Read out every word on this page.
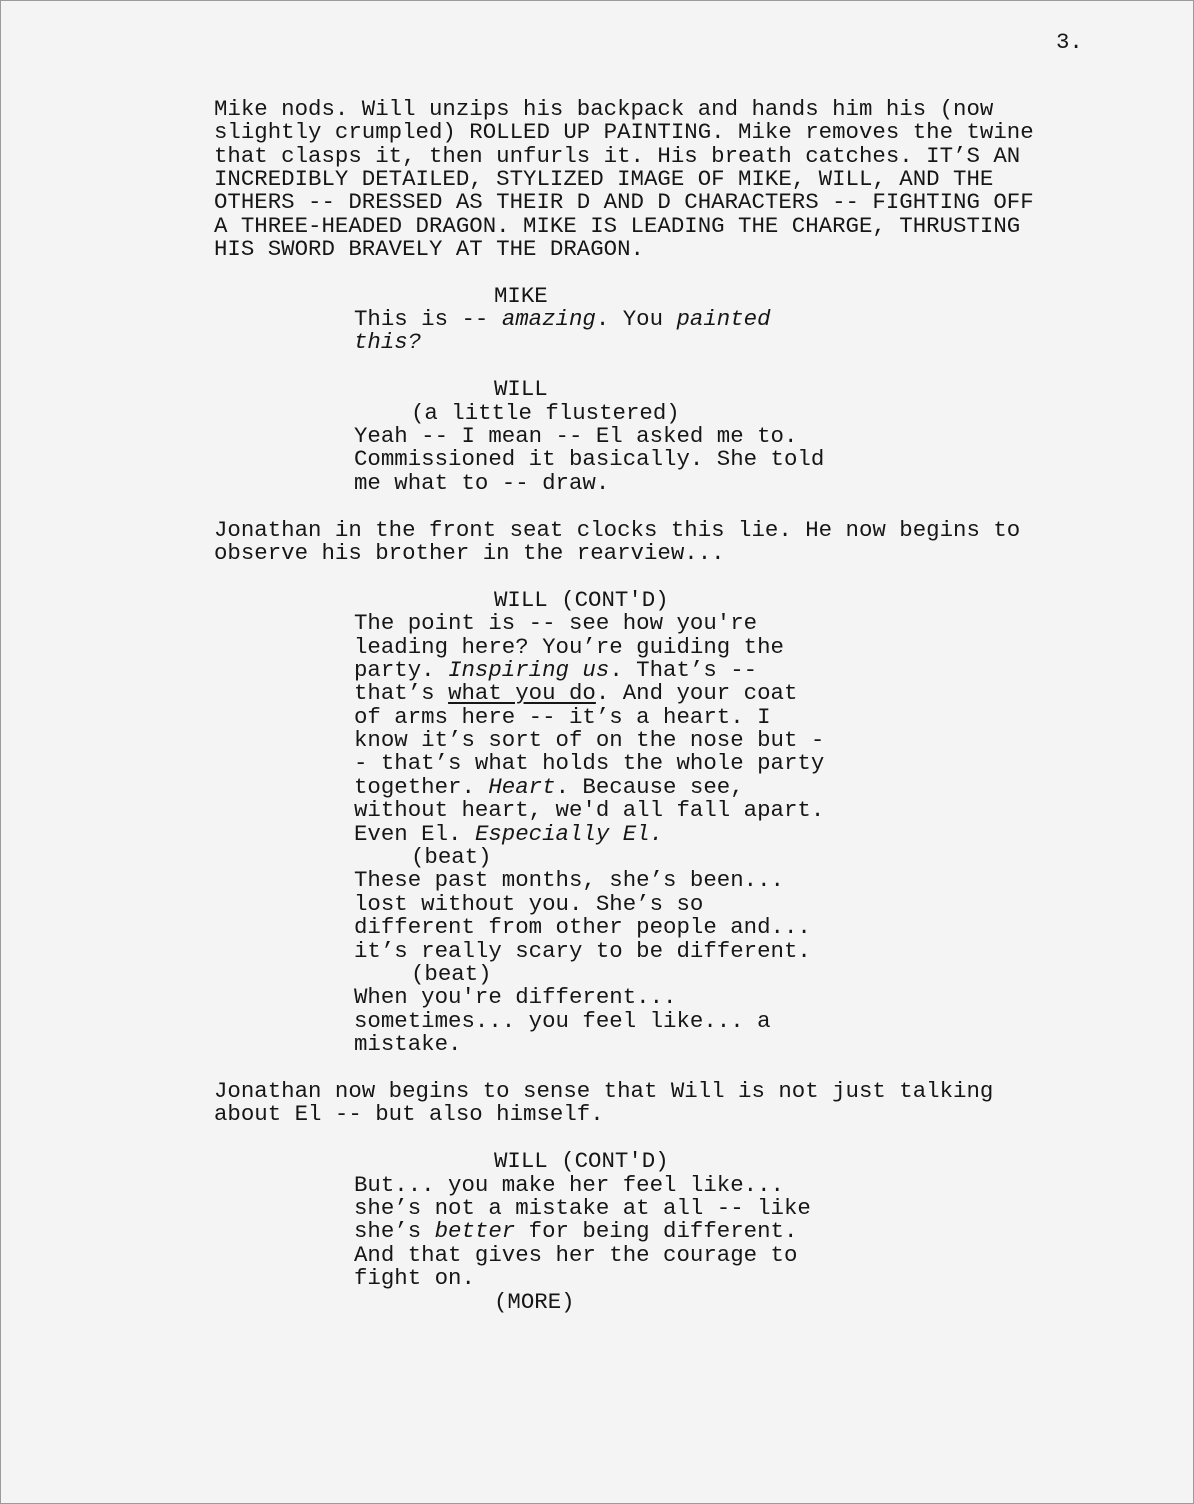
3.
Mike nods. Will unzips his backpack and hands him his (now
slightly crumpled) ROLLED UP PAINTING. Mike removes the twine
that clasps it, then unfurls it. His breath catches. IT’S AN
INCREDIBLY DETAILED, STYLIZED IMAGE OF MIKE, WILL, AND THE
OTHERS -- DRESSED AS THEIR D AND D CHARACTERS -- FIGHTING OFF
A THREE-HEADED DRAGON. MIKE IS LEADING THE CHARGE, THRUSTING
HIS SWORD BRAVELY AT THE DRAGON.
MIKE
This is -- amazing. You painted
this?
WILL
(a little flustered)
Yeah -- I mean -- El asked me to.
Commissioned it basically. She told
me what to -- draw.
Jonathan in the front seat clocks this lie. He now begins to
observe his brother in the rearview...
WILL (CONT'D)
The point is -- see how you're
leading here? You’re guiding the
party. Inspiring us. That’s --
that’s what you do. And your coat
of arms here -- it’s a heart. I
know it’s sort of on the nose but -
- that’s what holds the whole party
together. Heart. Because see,
without heart, we'd all fall apart.
Even El. Especially El.
(beat)
These past months, she’s been...
lost without you. She’s so
different from other people and...
it’s really scary to be different.
(beat)
When you're different...
sometimes... you feel like... a
mistake.
Jonathan now begins to sense that Will is not just talking
about El -- but also himself.
WILL (CONT'D)
But... you make her feel like...
she’s not a mistake at all -- like
she’s better for being different.
And that gives her the courage to
fight on.
(MORE)
